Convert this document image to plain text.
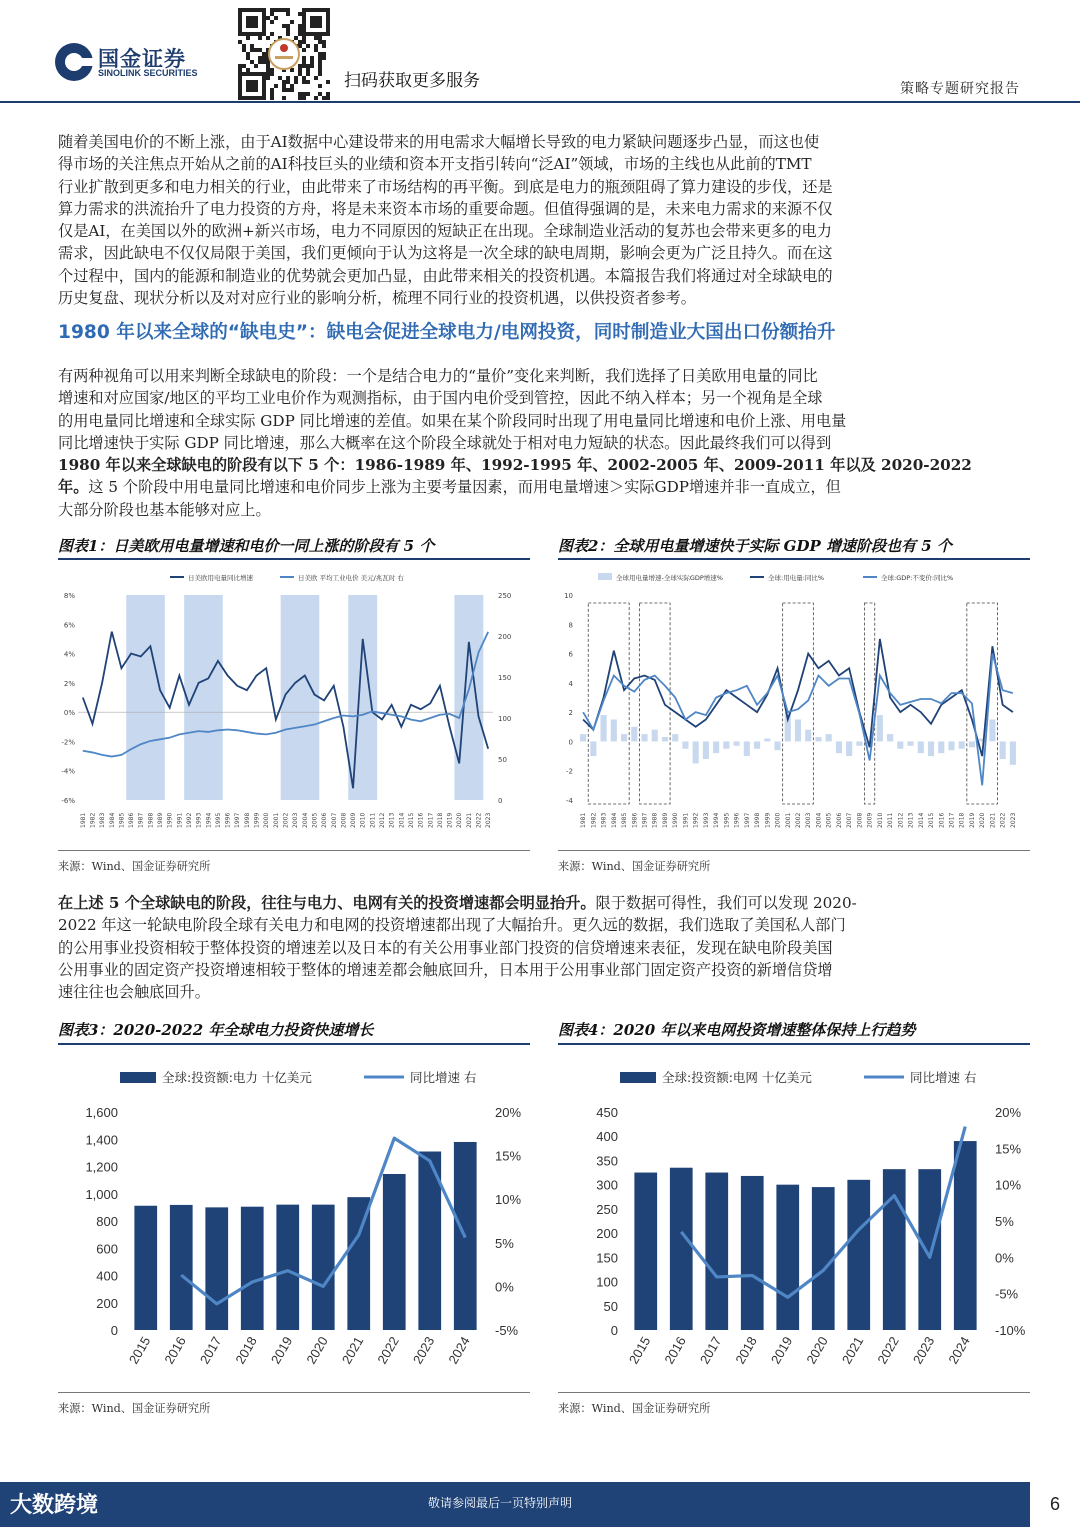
国金证券
SINOLINK SECURITIES	扫码获取更多服务	策略专题研究报告
随着美国电价的不断上涨，由于AI数据中心建设带来的用电需求大幅增长导致的电力紧缺问题逐步凸显，而这也使
得市场的关注焦点开始从之前的AI科技巨头的业绩和资本开支指引转向“泛AI”领域，市场的主线也从此前的TMT
行业扩散到更多和电力相关的行业，由此带来了市场结构的再平衡。到底是电力的瓶颈阻碍了算力建设的步伐，还是
算力需求的洪流抬升了电力投资的方舟，将是未来资本市场的重要命题。但值得强调的是，未来电力需求的来源不仅
仅是AI，在美国以外的欧洲+新兴市场，电力不同原因的短缺正在出现。全球制造业活动的复苏也会带来更多的电力
需求，因此缺电不仅仅局限于美国，我们更倾向于认为这将是一次全球的缺电周期，影响会更为广泛且持久。而在这
个过程中，国内的能源和制造业的优势就会更加凸显，由此带来相关的投资机遇。本篇报告我们将通过对全球缺电的
历史复盘、现状分析以及对对应行业的影响分析，梳理不同行业的投资机遇，以供投资者参考。
1980 年以来全球的“缺电史”：缺电会促进全球电力/电网投资，同时制造业大国出口份额抬升
有两种视角可以用来判断全球缺电的阶段：一个是结合电力的“量价”变化来判断，我们选择了日美欧用电量的同比
增速和对应国家/地区的平均工业电价作为观测指标，由于国内电价受到管控，因此不纳入样本；另一个视角是全球
的用电量同比增速和全球实际 GDP 同比增速的差值。如果在某个阶段同时出现了用电量同比增速和电价上涨、用电量
同比增速快于实际 GDP 同比增速，那么大概率在这个阶段全球就处于相对电力短缺的状态。因此最终我们可以得到
1980 年以来全球缺电的阶段有以下 5 个：1986-1989 年、1992-1995 年、2002-2005 年、2009-2011 年以及 2020-2022
年。这 5 个阶段中用电量同比增速和电价同步上涨为主要考量因素，而用电量增速＞实际GDP增速并非一直成立，但
大部分阶段也基本能够对应上。
图表1：日美欧用电量增速和电价一同上涨的阶段有 5 个	图表2：全球用电量增速快于实际 GDP 增速阶段也有 5 个
日美欧用电量同比增速	日美欧 平均工业电价 美元/兆瓦时 右
8%
6%
4%
2%
0%
-2%
-4%
-6%
250
200
150
100
50
0
1981 1982 1983 1984 1985 1986 1987 1988 1989 1990 1991 1992 1993 1994 1995 1996 1997 1998 1999 2000 2001 2002 2003 2004 2005 2006 2007 2008 2009 2010 2011 2012 2013 2014 2015 2016 2017 2018 2019 2020 2021 2022 2023
全球用电量增速-全球实际GDP增速%	全球:用电量:同比%	全球:GDP:不变价:同比%
10
8
6
4
2
0
-2
-4
1981 1982 1983 1984 1985 1986 1987 1988 1989 1990 1991 1992 1993 1994 1995 1996 1997 1998 1999 2000 2001 2002 2003 2004 2005 2006 2007 2008 2009 2010 2011 2012 2013 2014 2015 2016 2017 2018 2019 2020 2021 2022 2023
来源：Wind、国金证券研究所	来源：Wind、国金证券研究所
在上述 5 个全球缺电的阶段，往往与电力、电网有关的投资增速都会明显抬升。限于数据可得性，我们可以发现 2020-
2022 年这一轮缺电阶段全球有关电力和电网的投资增速都出现了大幅抬升。更久远的数据，我们选取了美国私人部门
的公用事业投资相较于整体投资的增速差以及日本的有关公用事业部门投资的信贷增速来表征，发现在缺电阶段美国
公用事业的固定资产投资增速相较于整体的增速差都会触底回升，日本用于公用事业部门固定资产投资的新增信贷增
速往往也会触底回升。
图表3：2020-2022 年全球电力投资快速增长	图表4：2020 年以来电网投资增速整体保持上行趋势
全球:投资额:电力 十亿美元	同比增速 右
1,600
1,400
1,200
1,000
800
600
400
200
0
20%
15%
10%
5%
0%
-5%
2015 2016 2017 2018 2019 2020 2021 2022 2023 2024
全球:投资额:电网 十亿美元	同比增速 右
450
400
350
300
250
200
150
100
50
0
20%
15%
10%
5%
0%
-5%
-10%
2015 2016 2017 2018 2019 2020 2021 2022 2023 2024
来源：Wind、国金证券研究所	来源：Wind、国金证券研究所
大数跨境	敬请参阅最后一页特别声明	6
